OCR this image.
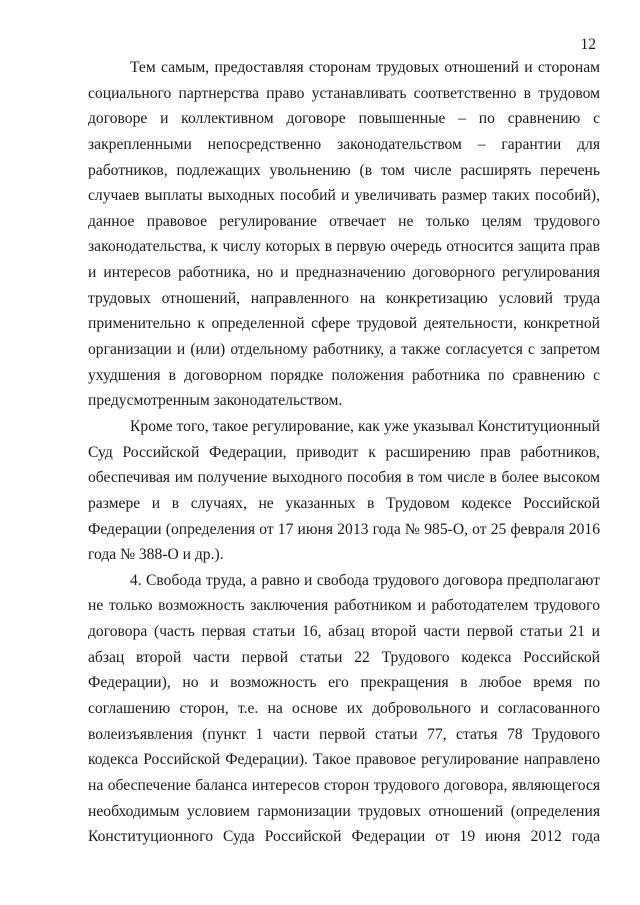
12

Тем самым, предоставляя сторонам трудовых отношений и сторонам
социального партнерства право устанавливать соответственно в трудовом
договоре и коллективном договоре повышенные – по сравнению с
закрепленными непосредственно законодательством – гарантии для
работников, подлежащих увольнению (в том числе расширять перечень
случаев выплаты выходных пособий и увеличивать размер таких пособий),
данное правовое регулирование отвечает не только целям трудового
законодательства, к числу которых в первую очередь относится защита прав
и интересов работника, но и предназначению договорного регулирования
трудовых отношений, направленного на конкретизацию условий труда
применительно к определенной сфере трудовой деятельности, конкретной
организации и (или) отдельному работнику, а также согласуется с запретом
ухудшения в договорном порядке положения работника по сравнению с
предусмотренным законодательством.

Кроме того, такое регулирование, как уже указывал Конституционный
Суд Российской Федерации, приводит к расширению прав работников,
обеспечивая им получение выходного пособия в том числе в более высоком
размере и в случаях, не указанных в Трудовом кодексе Российской
Федерации (определения от 17 июня 2013 года № 985-О, от 25 февраля 2016
года № 388-О и др.).

4. Свобода труда, а равно и свобода трудового договора предполагают
не только возможность заключения работником и работодателем трудового
договора (часть первая статьи 16, абзац второй части первой статьи 21 и
абзац второй части первой статьи 22 Трудового кодекса Российской
Федерации), но и возможность его прекращения в любое время по
соглашению сторон, т.е. на основе их добровольного и согласованного
волеизъявления (пункт 1 части первой статьи 77, статья 78 Трудового
кодекса Российской Федерации). Такое правовое регулирование направлено
на обеспечение баланса интересов сторон трудового договора, являющегося
необходимым условием гармонизации трудовых отношений (определения
Конституционного Суда Российской Федерации от 19 июня 2012 года
